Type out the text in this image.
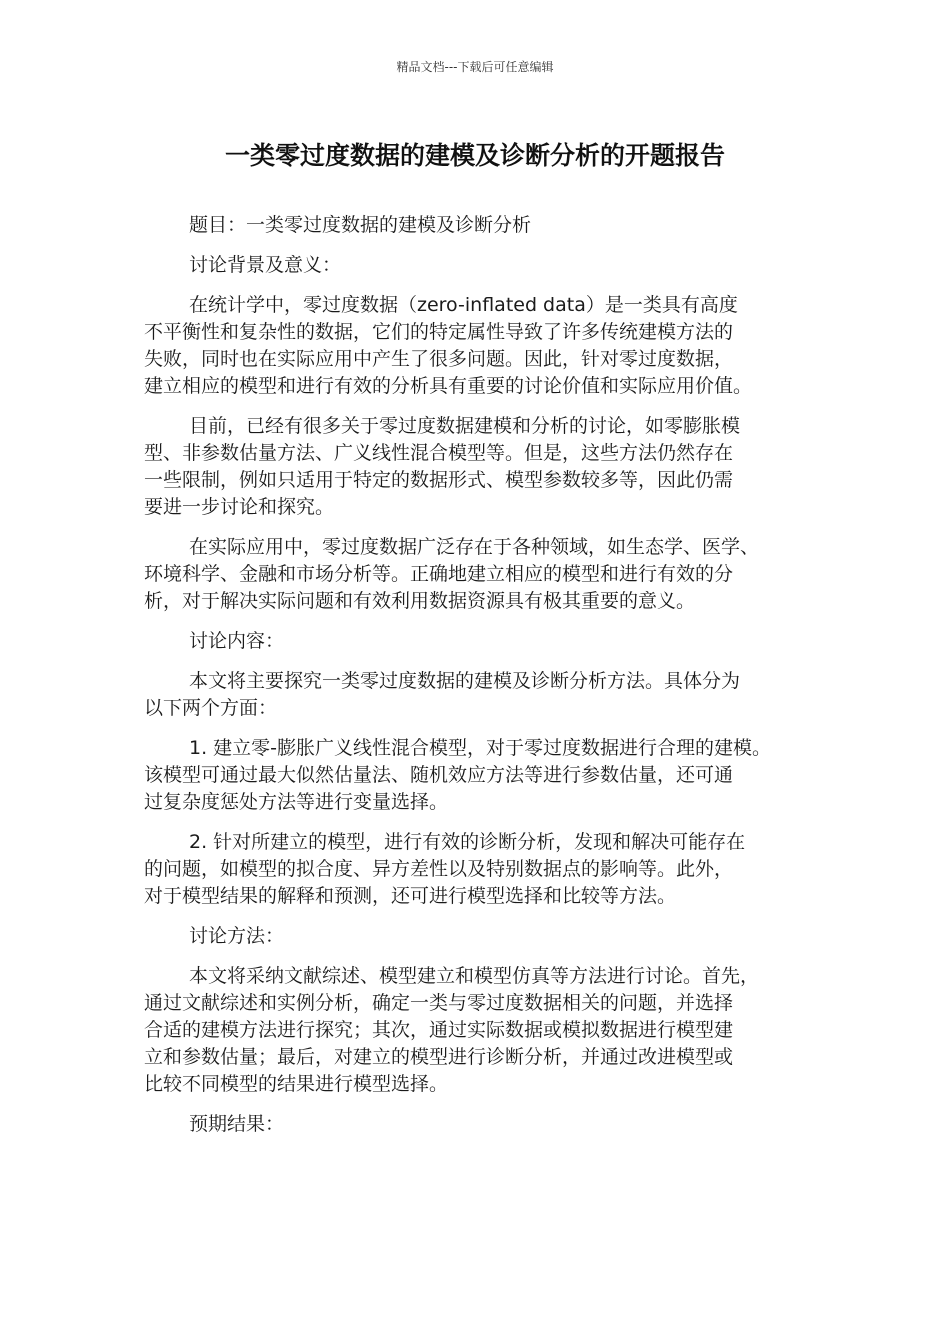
精品文档---下载后可任意编辑
一类零过度数据的建模及诊断分析的开题报告

题目：一类零过度数据的建模及诊断分析

讨论背景及意义：

在统计学中，零过度数据（zero-inflated data）是一类具有高度

不平衡性和复杂性的数据，它们的特定属性导致了许多传统建模方法的

失败，同时也在实际应用中产生了很多问题。因此，针对零过度数据，

建立相应的模型和进行有效的分析具有重要的讨论价值和实际应用价值。

目前，已经有很多关于零过度数据建模和分析的讨论，如零膨胀模

型、非参数估量方法、广义线性混合模型等。但是，这些方法仍然存在

一些限制，例如只适用于特定的数据形式、模型参数较多等，因此仍需

要进一步讨论和探究。

在实际应用中，零过度数据广泛存在于各种领域，如生态学、医学、

环境科学、金融和市场分析等。正确地建立相应的模型和进行有效的分

析，对于解决实际问题和有效利用数据资源具有极其重要的意义。

讨论内容：

本文将主要探究一类零过度数据的建模及诊断分析方法。具体分为

以下两个方面：

1. 建立零-膨胀广义线性混合模型，对于零过度数据进行合理的建模。

该模型可通过最大似然估量法、随机效应方法等进行参数估量，还可通

过复杂度惩处方法等进行变量选择。

2. 针对所建立的模型，进行有效的诊断分析，发现和解决可能存在

的问题，如模型的拟合度、异方差性以及特别数据点的影响等。此外，

对于模型结果的解释和预测，还可进行模型选择和比较等方法。

讨论方法：

本文将采纳文献综述、模型建立和模型仿真等方法进行讨论。首先，

通过文献综述和实例分析，确定一类与零过度数据相关的问题，并选择

合适的建模方法进行探究；其次，通过实际数据或模拟数据进行模型建

立和参数估量；最后，对建立的模型进行诊断分析，并通过改进模型或

比较不同模型的结果进行模型选择。

预期结果：
